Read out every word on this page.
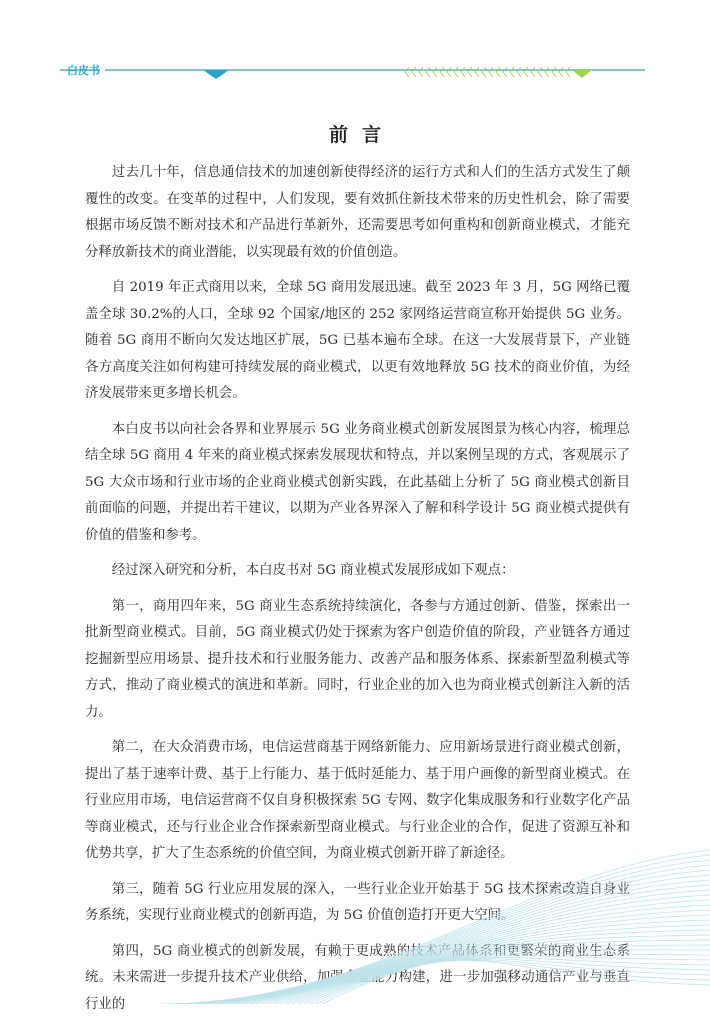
白皮书
前言

过去几十年，信息通信技术的加速创新使得经济的运行方式和人们的生活方式发生了颠覆性的改变。在变革的过程中，人们发现，要有效抓住新技术带来的历史性机会，除了需要根据市场反馈不断对技术和产品进行革新外，还需要思考如何重构和创新商业模式，才能充分释放新技术的商业潜能，以实现最有效的价值创造。

自 2019 年正式商用以来，全球 5G 商用发展迅速。截至 2023 年 3 月，5G 网络已覆盖全球 30.2%的人口，全球 92 个国家/地区的 252 家网络运营商宣称开始提供 5G 业务。随着 5G 商用不断向欠发达地区扩展，5G 已基本遍布全球。在这一大发展背景下，产业链各方高度关注如何构建可持续发展的商业模式，以更有效地释放 5G 技术的商业价值，为经济发展带来更多增长机会。

本白皮书以向社会各界和业界展示 5G 业务商业模式创新发展图景为核心内容，梳理总结全球 5G 商用 4 年来的商业模式探索发展现状和特点，并以案例呈现的方式，客观展示了 5G 大众市场和行业市场的企业商业模式创新实践，在此基础上分析了 5G 商业模式创新目前面临的问题，并提出若干建议，以期为产业各界深入了解和科学设计 5G 商业模式提供有价值的借鉴和参考。

经过深入研究和分析，本白皮书对 5G 商业模式发展形成如下观点：

第一，商用四年来，5G 商业生态系统持续演化，各参与方通过创新、借鉴，探索出一批新型商业模式。目前，5G 商业模式仍处于探索为客户创造价值的阶段，产业链各方通过挖掘新型应用场景、提升技术和行业服务能力、改善产品和服务体系、探索新型盈利模式等方式，推动了商业模式的演进和革新。同时，行业企业的加入也为商业模式创新注入新的活力。

第二，在大众消费市场，电信运营商基于网络新能力、应用新场景进行商业模式创新，提出了基于速率计费、基于上行能力、基于低时延能力、基于用户画像的新型商业模式。在行业应用市场，电信运营商不仅自身积极探索 5G 专网、数字化集成服务和行业数字化产品等商业模式，还与行业企业合作探索新型商业模式。与行业企业的合作，促进了资源互补和优势共享，扩大了生态系统的价值空间，为商业模式创新开辟了新途径。

第三，随着 5G 行业应用发展的深入，一些行业企业开始基于 5G 技术探索改造自身业务系统，实现行业商业模式的创新再造，为 5G 价值创造打开更大空间。

第四，5G 商业模式的创新发展，有赖于更成熟的技术产品体系和更繁荣的商业生态系统。未来需进一步提升技术产业供给，加强企业能力构建，进一步加强移动通信产业与垂直行业的
